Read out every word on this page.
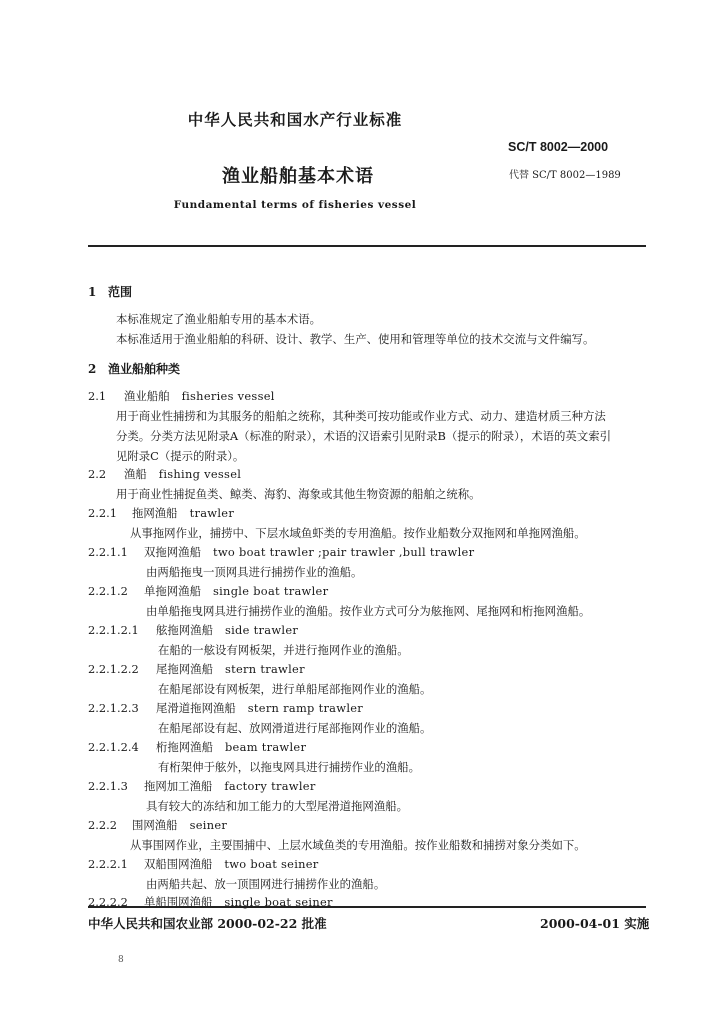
中华人民共和国水产行业标准
SC/T 8002—2000
渔业船舶基本术语	代替 SC/T 8002—1989
Fundamental terms of fisheries vessel
1 范围
本标准规定了渔业船舶专用的基本术语。
本标准适用于渔业船舶的科研、设计、教学、生产、使用和管理等单位的技术交流与文件编写。
2 渔业船舶种类
2.1 渔业船舶 fisheries vessel
用于商业性捕捞和为其服务的船舶之统称，其种类可按功能或作业方式、动力、建造材质三种方法
分类。分类方法见附录A（标准的附录），术语的汉语索引见附录B（提示的附录），术语的英文索引
见附录C（提示的附录）。
2.2 渔船 fishing vessel
用于商业性捕捉鱼类、鲸类、海豹、海象或其他生物资源的船舶之统称。
2.2.1 拖网渔船 trawler
从事拖网作业，捕捞中、下层水域鱼虾类的专用渔船。按作业船数分双拖网和单拖网渔船。
2.2.1.1 双拖网渔船 two boat trawler ;pair trawler ,bull trawler
由两船拖曳一顶网具进行捕捞作业的渔船。
2.2.1.2 单拖网渔船 single boat trawler
由单船拖曳网具进行捕捞作业的渔船。按作业方式可分为舷拖网、尾拖网和桁拖网渔船。
2.2.1.2.1 舷拖网渔船 side trawler
在船的一舷设有网板架，并进行拖网作业的渔船。
2.2.1.2.2 尾拖网渔船 stern trawler
在船尾部设有网板架，进行单船尾部拖网作业的渔船。
2.2.1.2.3 尾滑道拖网渔船 stern ramp trawler
在船尾部设有起、放网滑道进行尾部拖网作业的渔船。
2.2.1.2.4 桁拖网渔船 beam trawler
有桁架伸于舷外，以拖曳网具进行捕捞作业的渔船。
2.2.1.3 拖网加工渔船 factory trawler
具有较大的冻结和加工能力的大型尾滑道拖网渔船。
2.2.2 围网渔船 seiner
从事围网作业，主要围捕中、上层水域鱼类的专用渔船。按作业船数和捕捞对象分类如下。
2.2.2.1 双船围网渔船 two boat seiner
由两船共起、放一顶围网进行捕捞作业的渔船。
2.2.2.2 单船围网渔船 single boat seiner
中华人民共和国农业部 2000-02-22 批准	2000-04-01 实施
8
